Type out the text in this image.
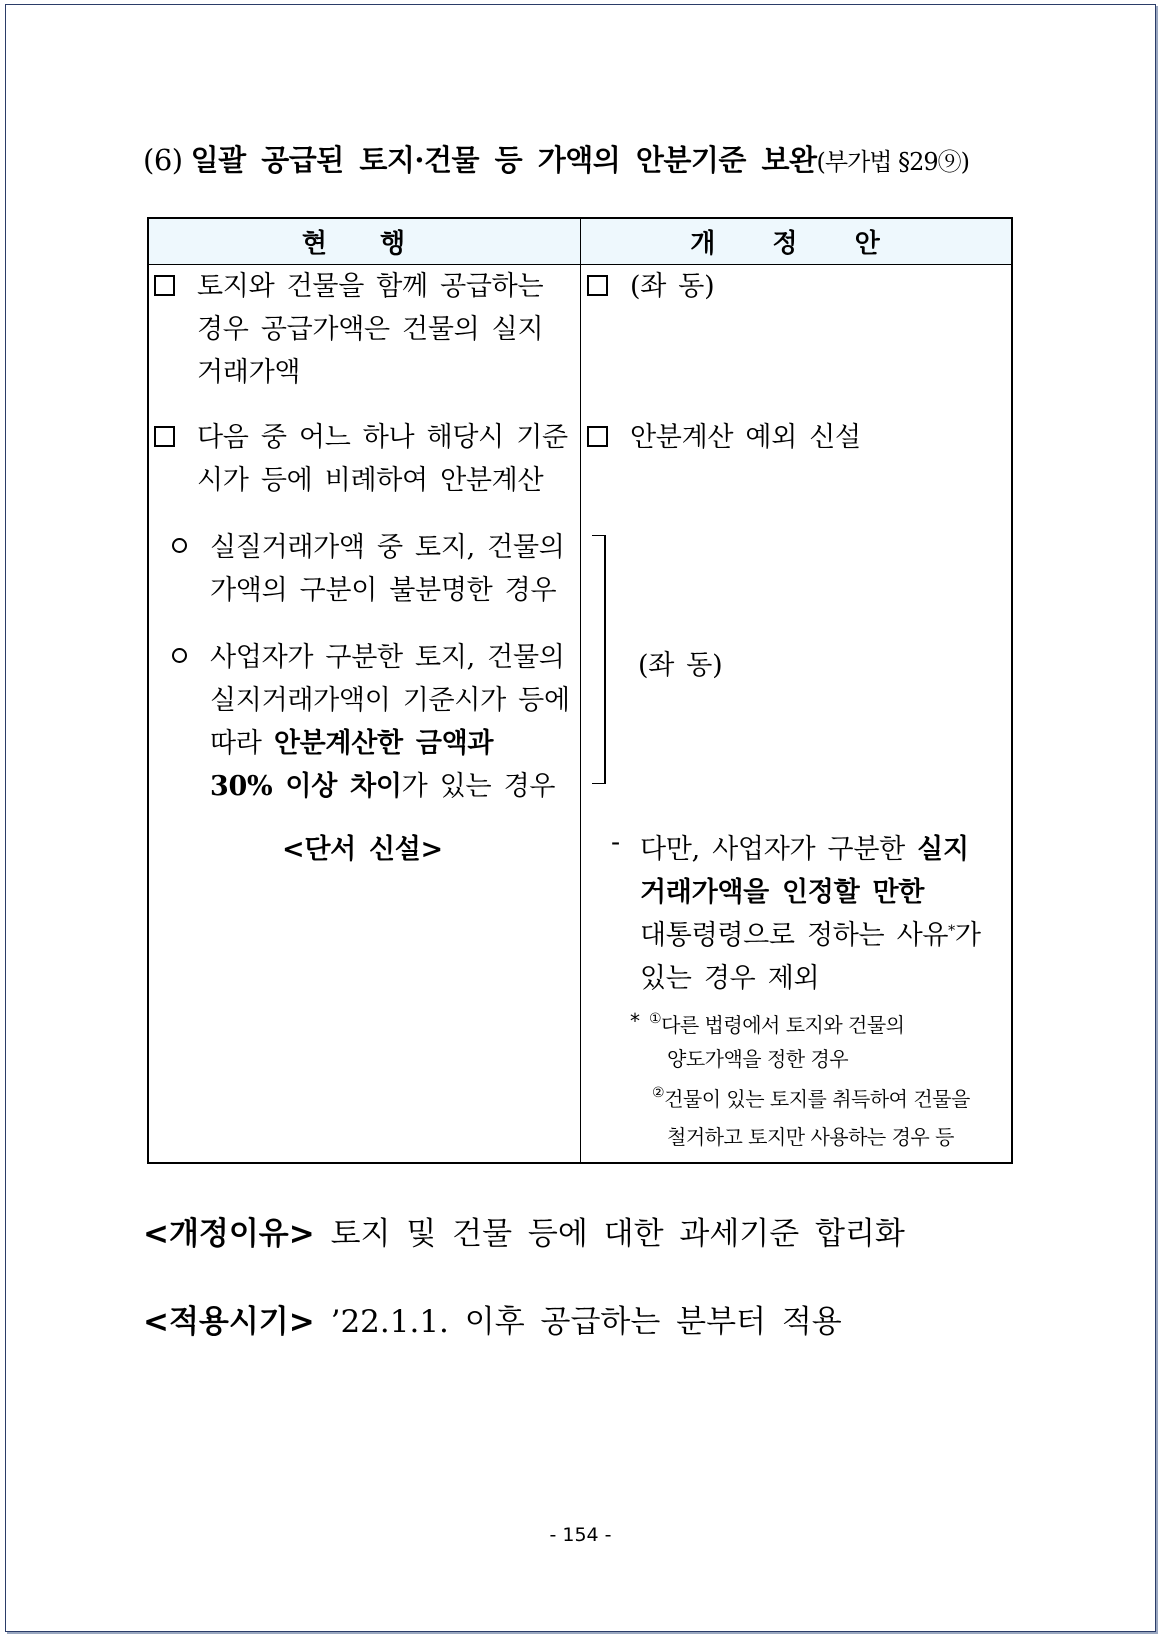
(6) 일괄 공급된 토지·건물 등 가액의 안분기준 보완(부가법 §29⑨)
현 행	개 정 안
토지와 건물을 함께 공급하는
경우 공급가액은 건물의 실지
거래가액
다음 중 어느 하나 해당시 기준
시가 등에 비례하여 안분계산
실질거래가액 중 토지, 건물의
가액의 구분이 불분명한 경우
사업자가 구분한 토지, 건물의
실지거래가액이 기준시가 등에
따라 안분계산한 금액과
30% 이상 차이가 있는 경우
<단서 신설>
(좌 동)
안분계산 예외 신설
(좌 동)
- 다만, 사업자가 구분한 실지
거래가액을 인정할 만한
대통령령으로 정하는 사유*가
있는 경우 제외
* ①다른 법령에서 토지와 건물의
양도가액을 정한 경우
②건물이 있는 토지를 취득하여 건물을
철거하고 토지만 사용하는 경우 등
<개정이유> 토지 및 건물 등에 대한 과세기준 합리화
<적용시기> ’22.1.1. 이후 공급하는 분부터 적용
- 154 -
